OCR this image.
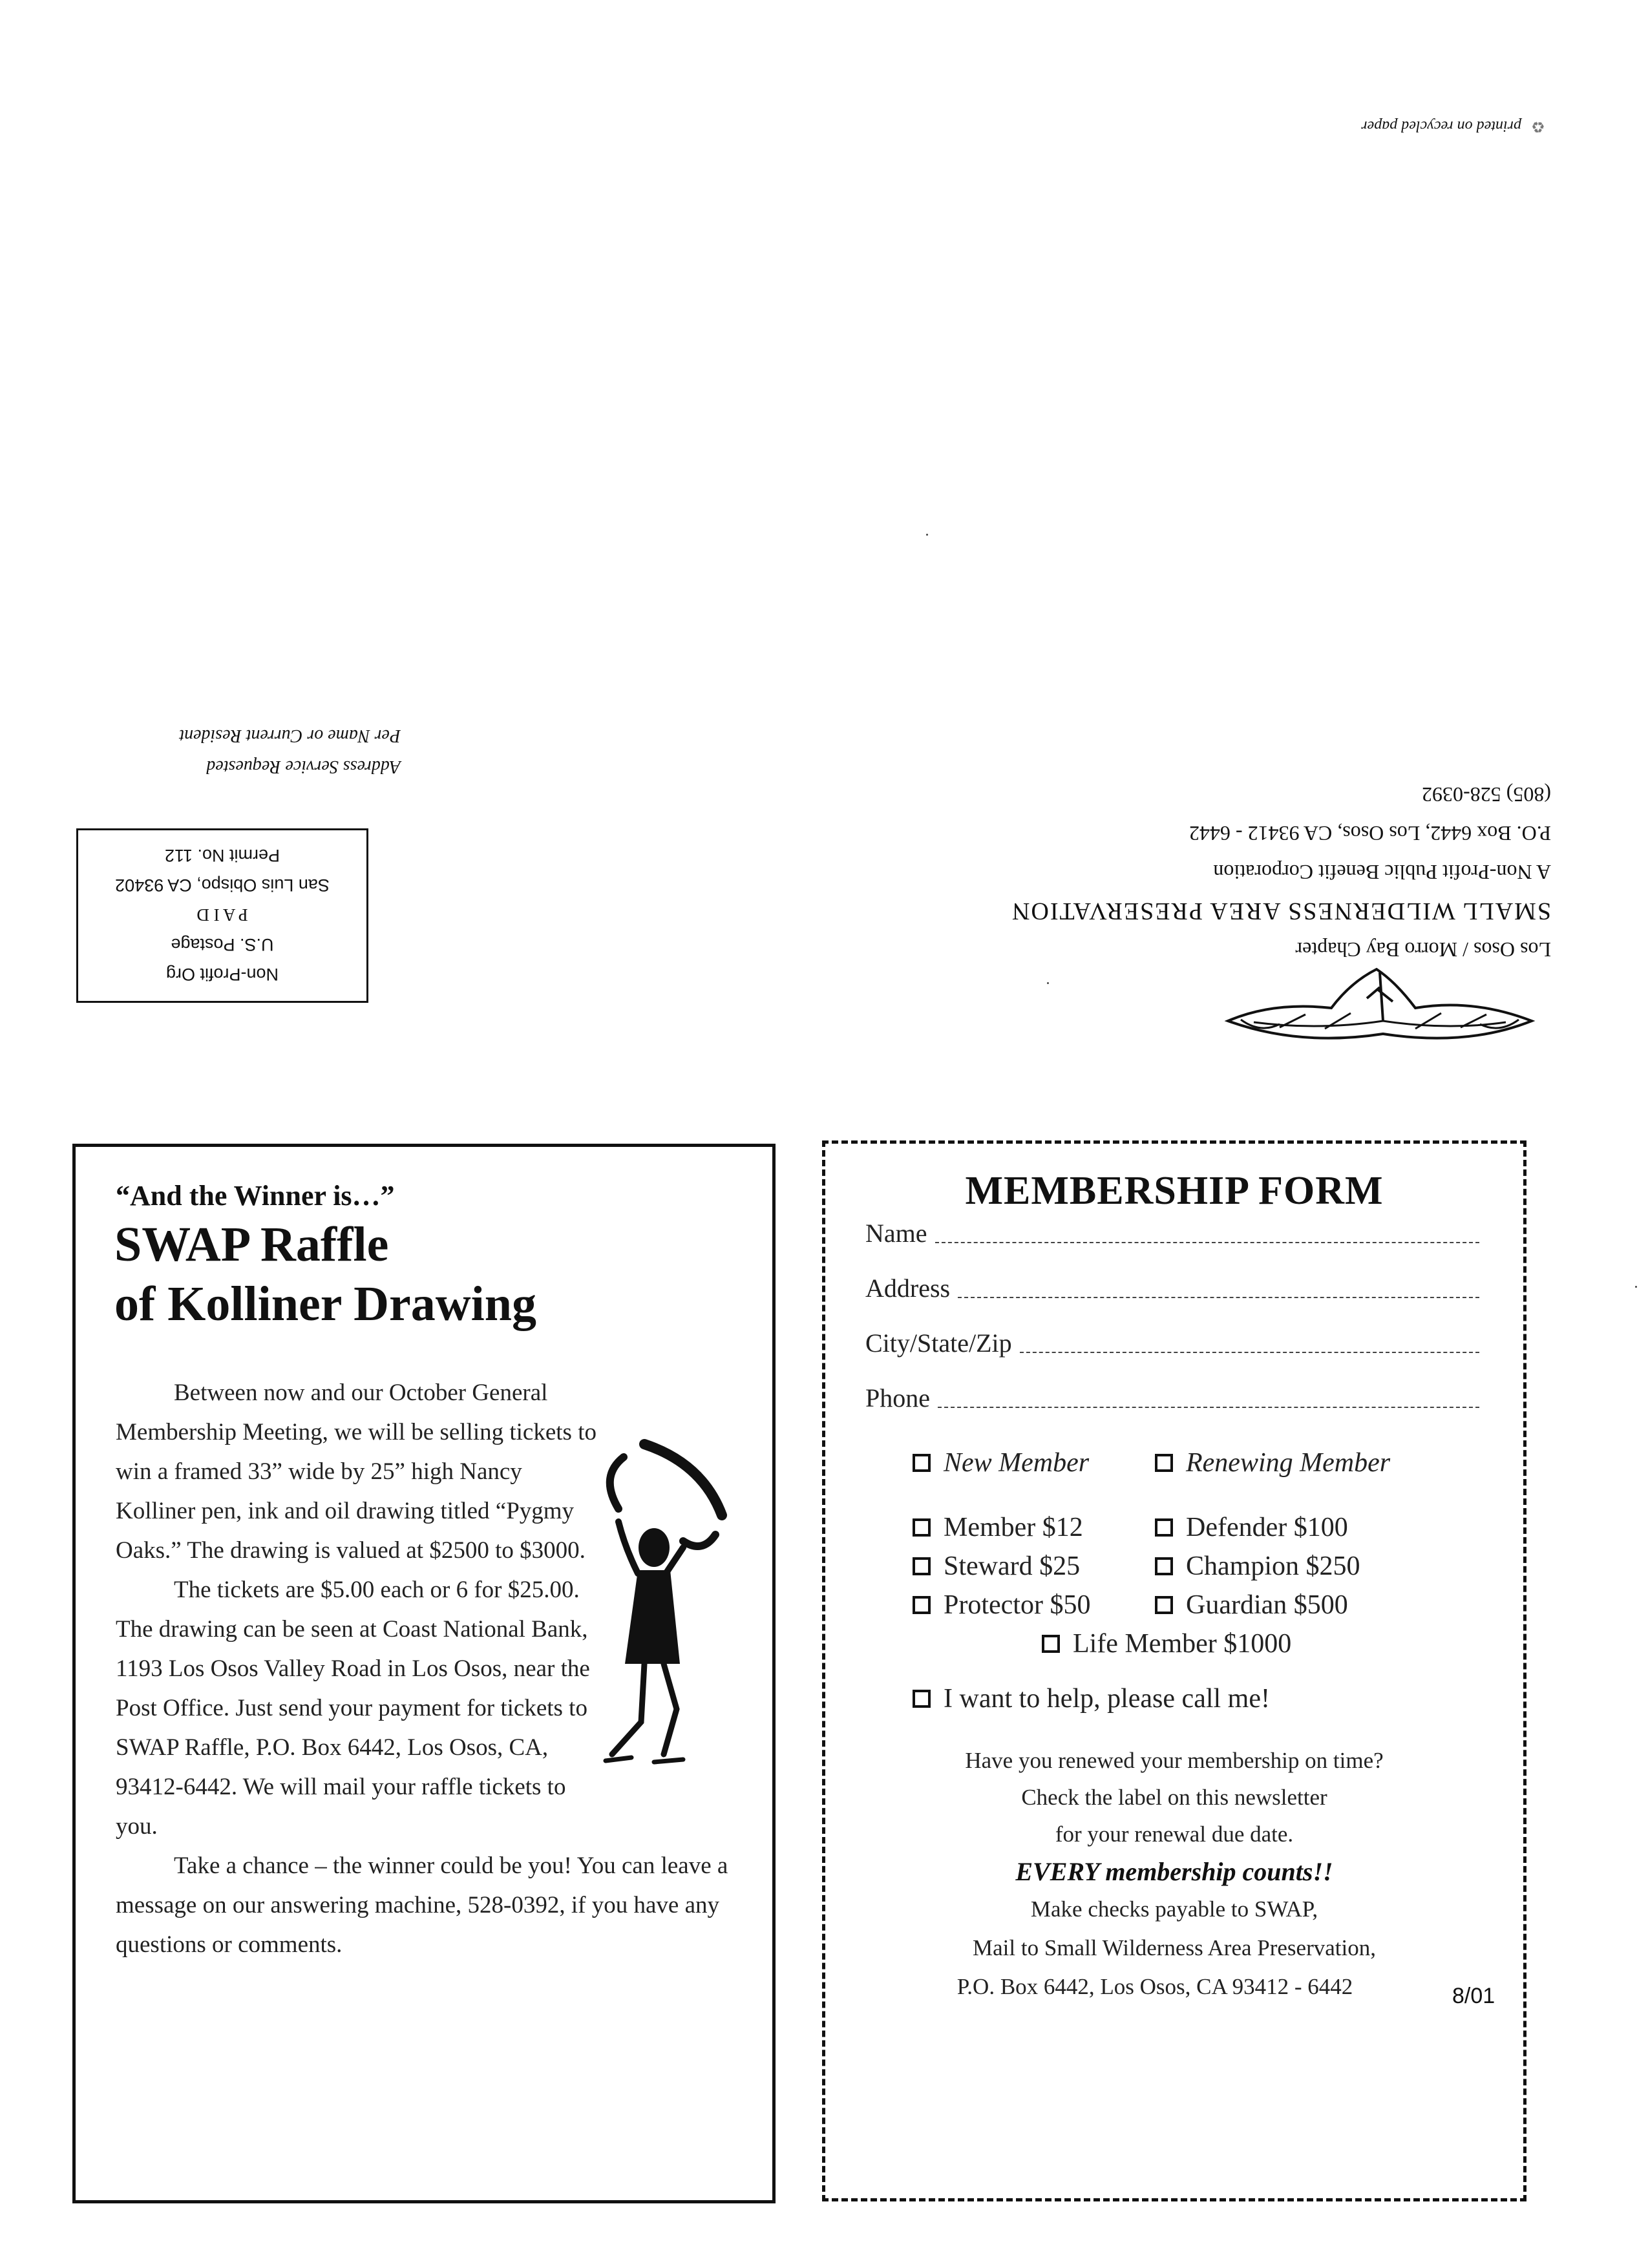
♻ printed on recycled paper
Address Service Requested
Per Name or Current Resident
Non-Profit Org
U.S. Postage
P A I D
San Luis Obispo, CA 93402
Permit No. 112
Los Osos / Morro Bay Chapter
SMALL WILDERNESS AREA PRESERVATION
A Non-Profit Public Benefit Corporation
P.O. Box 6442, Los Osos, CA 93412 - 6442
(805) 528-0392
“And the Winner is…”
SWAP Raffle
of Kolliner Drawing

Between now and our October General Membership Meeting, we will be selling tickets to win a framed 33” wide by 25” high Nancy Kolliner pen, ink and oil drawing titled “Pygmy Oaks.” The drawing is valued at $2500 to $3000.

The tickets are $5.00 each or 6 for $25.00. The drawing can be seen at Coast National Bank, 1193 Los Osos Valley Road in Los Osos, near the Post Office. Just send your payment for tickets to SWAP Raffle, P.O. Box 6442, Los Osos, CA, 93412-6442. We will mail your raffle tickets to you.

Take a chance – the winner could be you! You can leave a message on our answering machine, 528-0392, if you have any questions or comments.

MEMBERSHIP FORM
Name
Address
City/State/Zip
Phone
New Member	Renewing Member
Member $12	Defender $100
Steward $25	Champion $250
Protector $50	Guardian $500
Life Member $1000
I want to help, please call me!
Have you renewed your membership on time?
Check the label on this newsletter
for your renewal due date.
EVERY membership counts!!
Make checks payable to SWAP,
Mail to Small Wilderness Area Preservation,
P.O. Box 6442, Los Osos, CA 93412 - 6442	8/01
